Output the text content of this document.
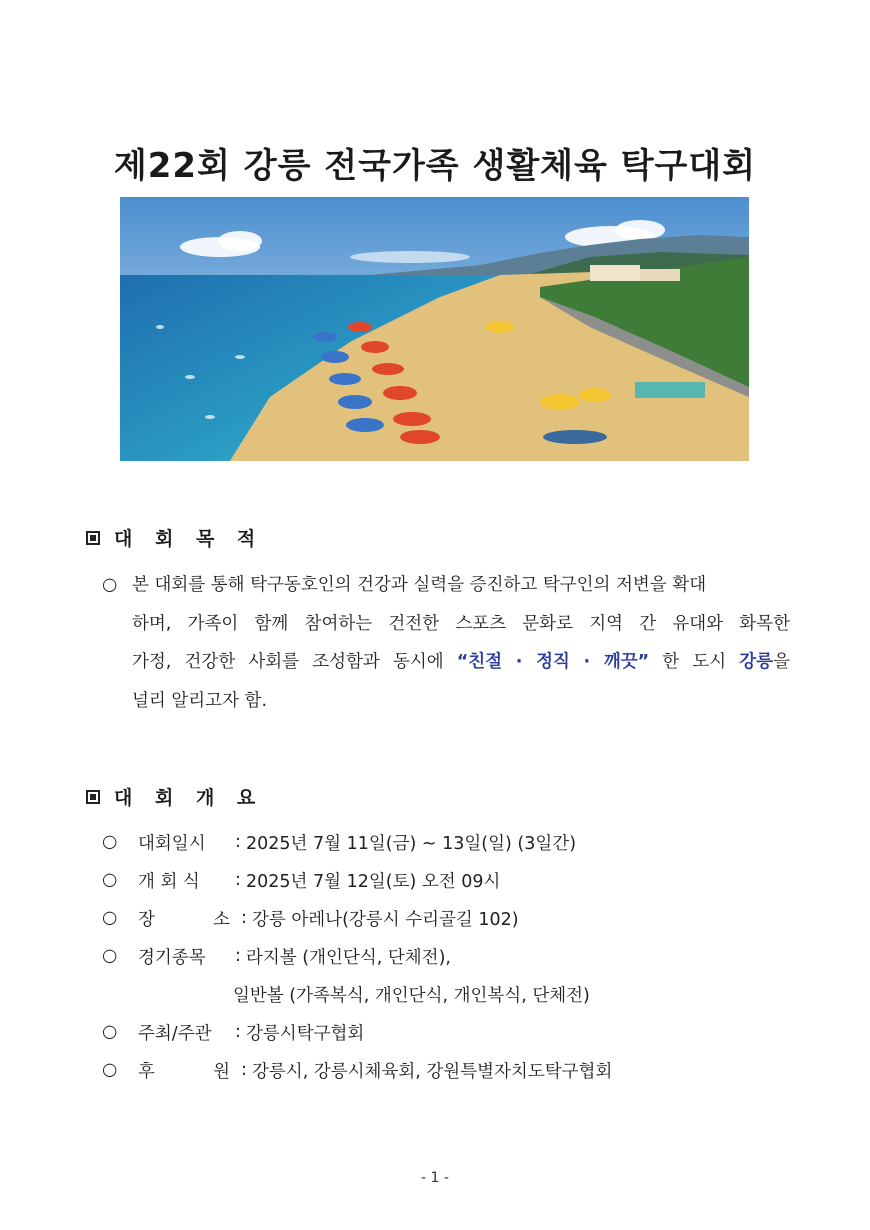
제22회 강릉 전국가족 생활체육 탁구대회
대 회 목 적
○ 본 대회를 통해 탁구동호인의 건강과 실력을 증진하고 탁구인의 저변을 확대
하며, 가족이 함께 참여하는 건전한 스포츠 문화로 지역 간 유대와 화목한
가정, 건강한 사회를 조성함과 동시에 “친절 · 정직 · 깨끗” 한 도시 강릉을
널리 알리고자 함.
대 회 개 요
○	대회일시 : 2025년 7월 11일(금) ~ 13일(일) (3일간)
○	개 회 식	: 2025년 7월 12일(토) 오전 09시
○	장	소 : 강릉 아레나(강릉시 수리골길 102)
○	경기종목	: 라지볼 (개인단식, 단체전),
일반볼 (가족복식, 개인단식, 개인복식, 단체전)
○	주최/주관	: 강릉시탁구협회
○	후	원 : 강릉시, 강릉시체육회, 강원특별자치도탁구협회
- 1 -
